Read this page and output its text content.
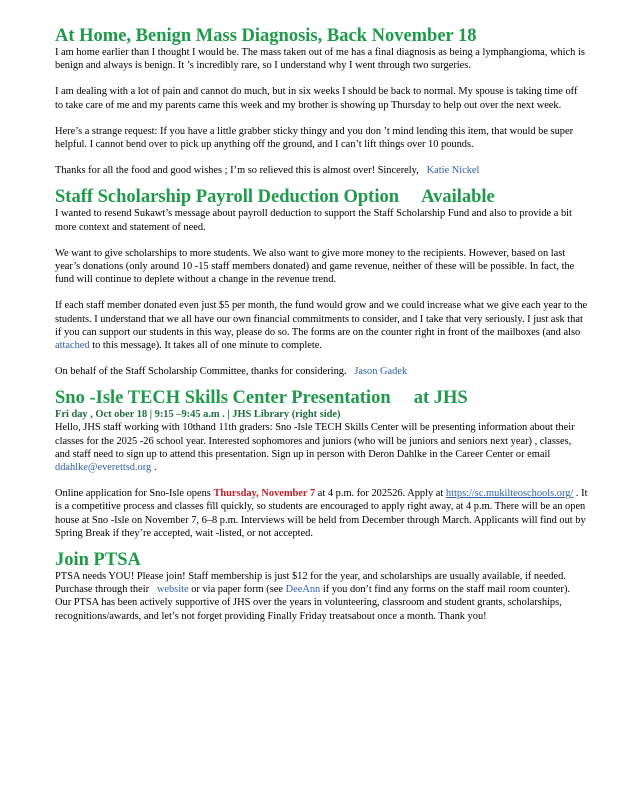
At Home, Benign Mass Diagnosis, Back November 18

I am home earlier than I thought I would be. The mass taken out of me has a final diagnosis as being a lymphangioma, which is benign and always is benign. It ’s incredibly rare, so I understand why I went through two surgeries.

I am dealing with a lot of pain and cannot do much, but in six weeks I should be back to normal. My spouse is taking time off to take care of me and my parents came this week and my brother is showing up Thursday to help out over the next week.

Here’s a strange request: If you have a little grabber sticky thingy and you don ’t mind lending this item, that would be super helpful. I cannot bend over to pick up anything off the ground, and I can’t lift things over 10 pounds.

Thanks for all the food and good wishes ; I’m so relieved this is almost over! Sincerely, Katie Nickel

Staff Scholarship Payroll Deduction Option     Available

I wanted to resend Sukawt’s message about payroll deduction to support the Staff Scholarship Fund and also to provide a bit more context and statement of need.

We want to give scholarships to more students. We also want to give more money to the recipients. However, based on last year’s donations (only around 10 -15 staff members donated) and game revenue, neither of these will be possible. In fact, the fund will continue to deplete without a change in the revenue trend.

If each staff member donated even just $5 per month, the fund would grow and we could increase what we give each year to the students. I understand that we all have our own financial commitments to consider, and I take that very seriously. I just ask that if you can support our students in this way, please do so. The forms are on the counter right in front of the mailboxes (and also attached to this message). It takes all of one minute to complete.

On behalf of the Staff Scholarship Committee, thanks for considering. Jason Gadek

Sno -Isle TECH Skills Center Presentation     at JHS

Fri day , Oct ober 18 | 9:15 –9:45 a.m . | JHS Library (right side)

Hello, JHS staff working with 10thand 11th graders: Sno -Isle TECH Skills Center will be presenting information about their classes for the 2025 -26 school year. Interested sophomores and juniors (who will be juniors and seniors next year) , classes, and staff need to sign up to attend this presentation. Sign up in person with Deron Dahlke in the Career Center or email ddahlke@everettsd.org .

Online application for Sno-Isle opens Thursday, November 7 at 4 p.m. for 202526. Apply at https://sc.mukilteoschools.org/ . It is a competitive process and classes fill quickly, so students are encouraged to apply right away, at 4 p.m. There will be an open house at Sno -Isle on November 7, 6–8 p.m. Interviews will be held from December through March. Applicants will find out by Spring Break if they’re accepted, wait -listed, or not accepted.

Join PTSA

PTSA needs YOU! Please join! Staff membership is just $12 for the year, and scholarships are usually available, if needed. Purchase through their website or via paper form (see DeeAnn if you don’t find any forms on the staff mail room counter). Our PTSA has been actively supportive of JHS over the years in volunteering, classroom and student grants, scholarships, recognitions/awards, and let’s not forget providing Finally Friday treatsabout once a month. Thank you!
